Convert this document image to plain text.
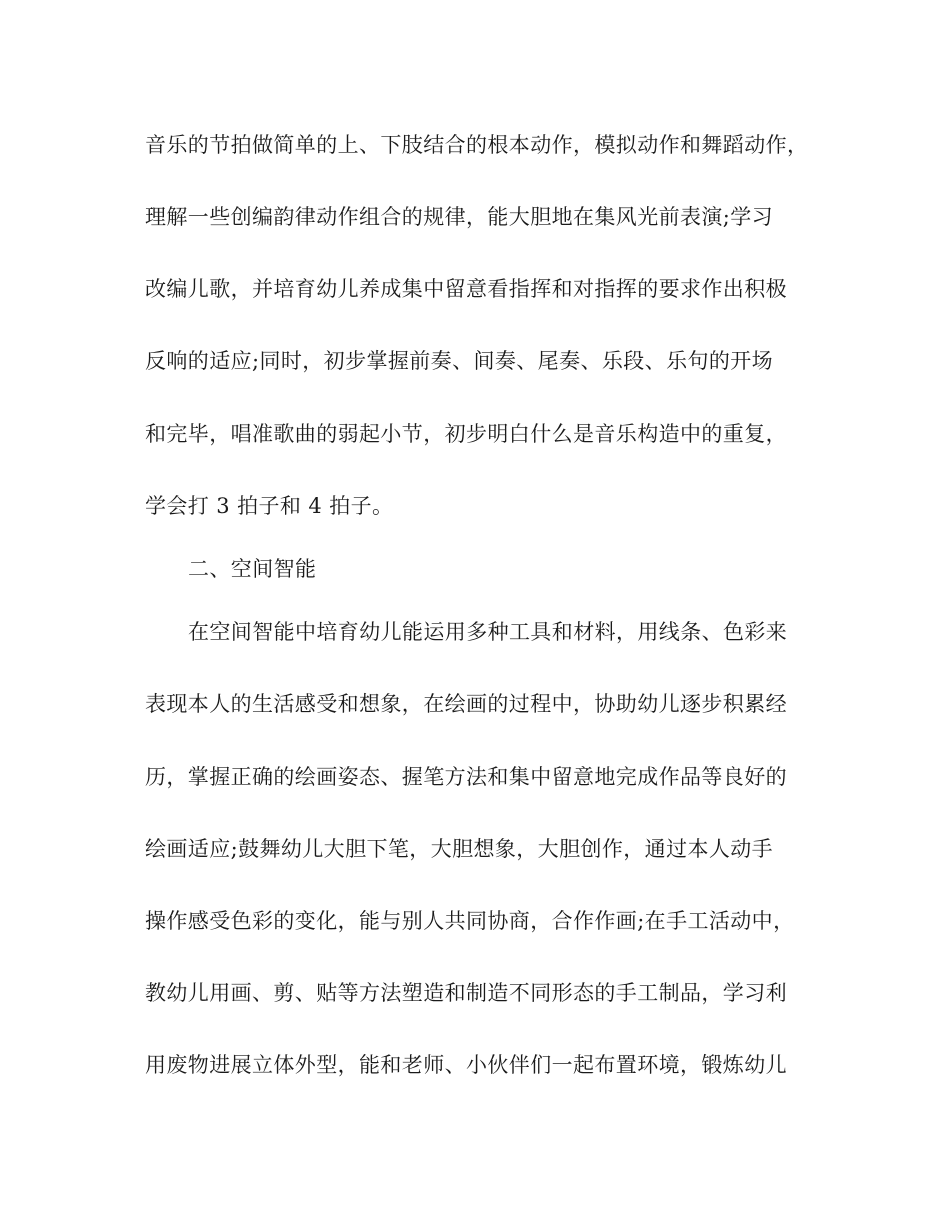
音乐的节拍做简单的上、下肢结合的根本动作，模拟动作和舞蹈动作，
理解一些创编韵律动作组合的规律，能大胆地在集风光前表演;学习
改编儿歌，并培育幼儿养成集中留意看指挥和对指挥的要求作出积极
反响的适应;同时，初步掌握前奏、间奏、尾奏、乐段、乐句的开场
和完毕，唱准歌曲的弱起小节，初步明白什么是音乐构造中的重复，
学会打 3 拍子和 4 拍子。
二、空间智能
在空间智能中培育幼儿能运用多种工具和材料，用线条、色彩来
表现本人的生活感受和想象，在绘画的过程中，协助幼儿逐步积累经
历，掌握正确的绘画姿态、握笔方法和集中留意地完成作品等良好的
绘画适应;鼓舞幼儿大胆下笔，大胆想象，大胆创作，通过本人动手
操作感受色彩的变化，能与别人共同协商，合作作画;在手工活动中，
教幼儿用画、剪、贴等方法塑造和制造不同形态的手工制品，学习利
用废物进展立体外型，能和老师、小伙伴们一起布置环境，锻炼幼儿
